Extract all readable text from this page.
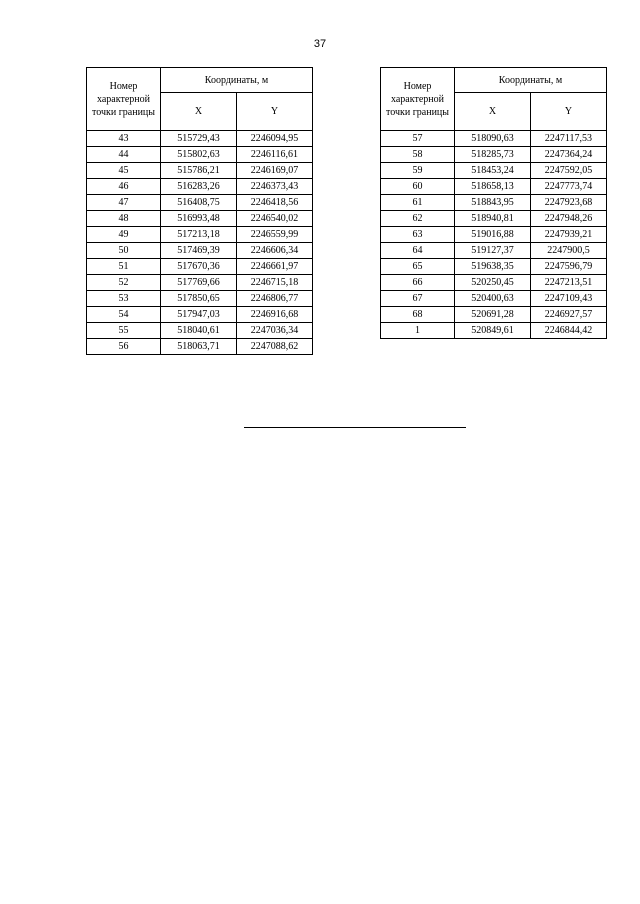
37
Номер характерной точки границы	Координаты, м	
	X	Y
43	515729,43	2246094,95
44	515802,63	2246116,61
45	515786,21	2246169,07
46	516283,26	2246373,43
47	516408,75	2246418,56
48	516993,48	2246540,02
49	517213,18	2246559,99
50	517469,39	2246606,34
51	517670,36	2246661,97
52	517769,66	2246715,18
53	517850,65	2246806,77
54	517947,03	2246916,68
55	518040,61	2247036,34
56	518063,71	2247088,62
Номер характерной точки границы	Координаты, м	
	X	Y
57	518090,63	2247117,53
58	518285,73	2247364,24
59	518453,24	2247592,05
60	518658,13	2247773,74
61	518843,95	2247923,68
62	518940,81	2247948,26
63	519016,88	2247939,21
64	519127,37	2247900,5
65	519638,35	2247596,79
66	520250,45	2247213,51
67	520400,63	2247109,43
68	520691,28	2246927,57
1	520849,61	2246844,42
